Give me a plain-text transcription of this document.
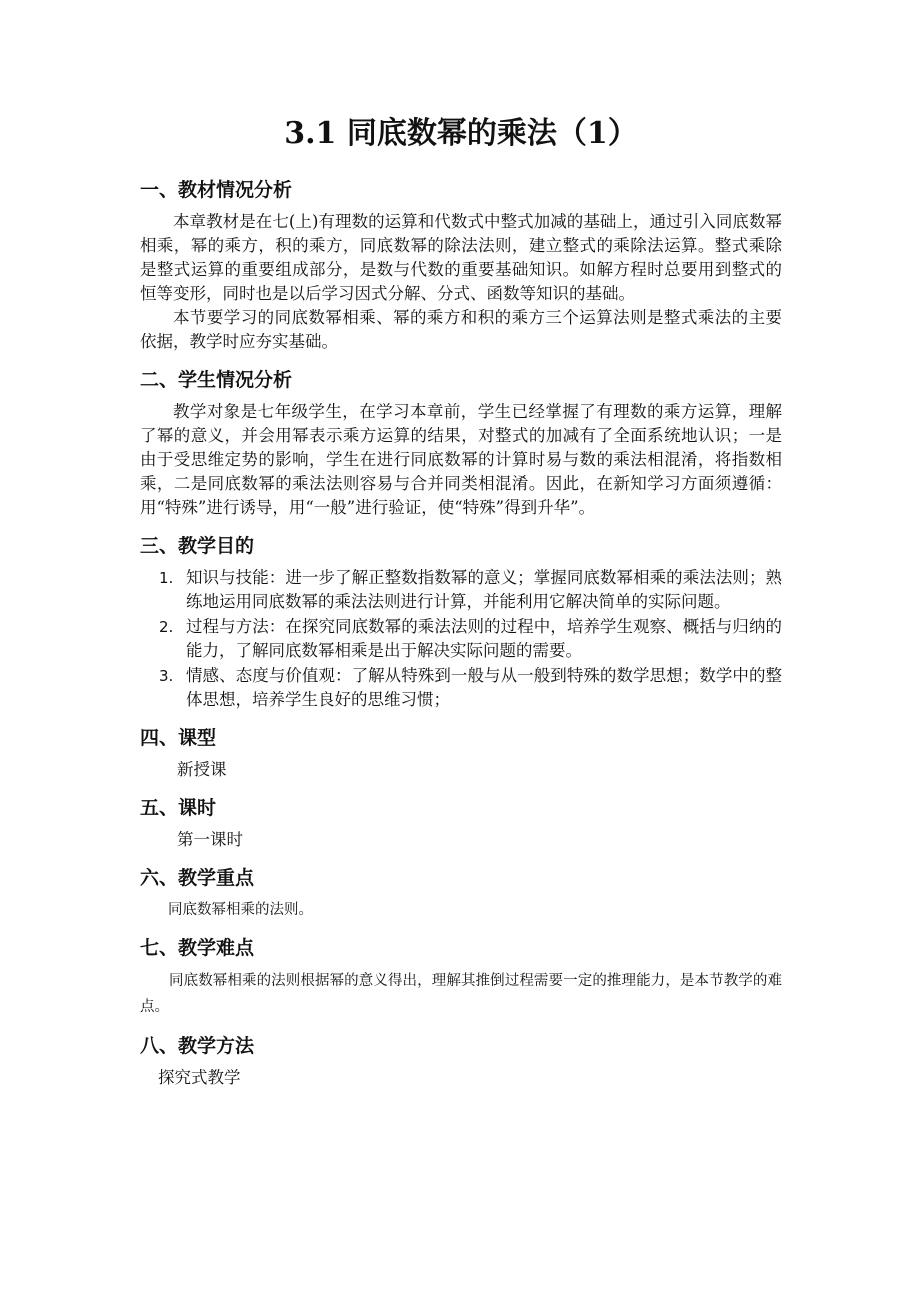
3.1 同底数幂的乘法（1）
一、教材情况分析

本章教材是在七(上)有理数的运算和代数式中整式加减的基础上，通过引入同底数幂相乘，幂的乘方，积的乘方，同底数幂的除法法则，建立整式的乘除法运算。整式乘除是整式运算的重要组成部分，是数与代数的重要基础知识。如解方程时总要用到整式的恒等变形，同时也是以后学习因式分解、分式、函数等知识的基础。

本节要学习的同底数幂相乘、幂的乘方和积的乘方三个运算法则是整式乘法的主要依据，教学时应夯实基础。

二、学生情况分析

教学对象是七年级学生，在学习本章前，学生已经掌握了有理数的乘方运算，理解了幂的意义，并会用幂表示乘方运算的结果，对整式的加减有了全面系统地认识；一是由于受思维定势的影响，学生在进行同底数幂的计算时易与数的乘法相混淆，将指数相乘，二是同底数幂的乘法法则容易与合并同类相混淆。因此，在新知学习方面须遵循：用“特殊”进行诱导，用“一般”进行验证，使“特殊”得到升华”。

三、教学目的
1. 知识与技能：进一步了解正整数指数幂的意义；掌握同底数幂相乘的乘法法则；熟练地运用同底数幂的乘法法则进行计算，并能利用它解决简单的实际问题。
2. 过程与方法：在探究同底数幂的乘法法则的过程中，培养学生观察、概括与归纳的能力，了解同底数幂相乘是出于解决实际问题的需要。
3. 情感、态度与价值观：了解从特殊到一般与从一般到特殊的数学思想；数学中的整体思想，培养学生良好的思维习惯；
四、课型
新授课
五、课时
第一课时
六、教学重点
同底数幂相乘的法则。
七、教学难点

同底数幂相乘的法则根据幂的意义得出，理解其推倒过程需要一定的推理能力，是本节教学的难点。

八、教学方法
探究式教学
